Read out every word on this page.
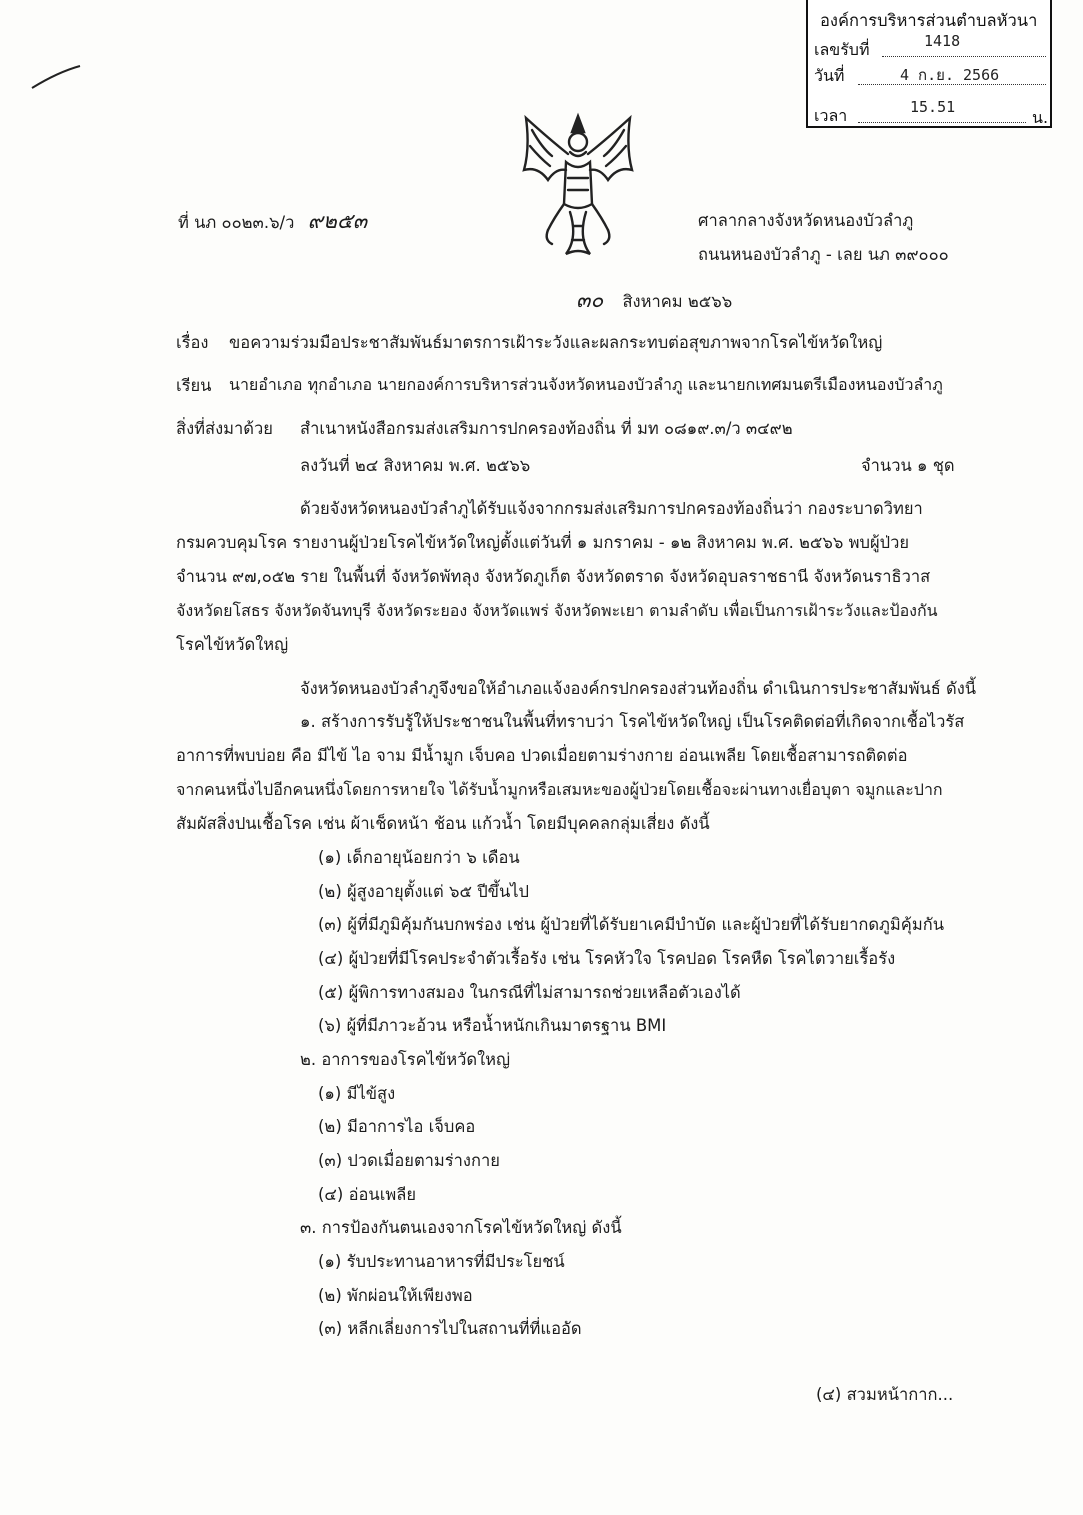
องค์การบริหารส่วนตำบลหัวนา
เลขรับที่	1418
วันที่	4 ก.ย. 2566
เวลา	15.51
น.
ที่ นภ ๐๐๒๓.๖/ว ๙๒๕๓	ศาลากลางจังหวัดหนองบัวลำภู
ถนนหนองบัวลำภู - เลย นภ ๓๙๐๐๐
๓๐ สิงหาคม ๒๕๖๖
เรื่อง ขอความร่วมมือประชาสัมพันธ์มาตรการเฝ้าระวังและผลกระทบต่อสุขภาพจากโรคไข้หวัดใหญ่
เรียน นายอำเภอ ทุกอำเภอ นายกองค์การบริหารส่วนจังหวัดหนองบัวลำภู และนายกเทศมนตรีเมืองหนองบัวลำภู
สิ่งที่ส่งมาด้วย สำเนาหนังสือกรมส่งเสริมการปกครองท้องถิ่น ที่ มท ๐๘๑๙.๓/ว ๓๔๙๒
ลงวันที่ ๒๔ สิงหาคม พ.ศ. ๒๕๖๖	จำนวน ๑ ชุด
ด้วยจังหวัดหนองบัวลำภูได้รับแจ้งจากกรมส่งเสริมการปกครองท้องถิ่นว่า กองระบาดวิทยา
กรมควบคุมโรค รายงานผู้ป่วยโรคไข้หวัดใหญ่ตั้งแต่วันที่ ๑ มกราคม - ๑๒ สิงหาคม พ.ศ. ๒๕๖๖ พบผู้ป่วย
จำนวน ๙๗,๐๕๒ ราย ในพื้นที่ จังหวัดพัทลุง จังหวัดภูเก็ต จังหวัดตราด จังหวัดอุบลราชธานี จังหวัดนราธิวาส
จังหวัดยโสธร จังหวัดจันทบุรี จังหวัดระยอง จังหวัดแพร่ จังหวัดพะเยา ตามลำดับ เพื่อเป็นการเฝ้าระวังและป้องกัน
โรคไข้หวัดใหญ่
จังหวัดหนองบัวลำภูจึงขอให้อำเภอแจ้งองค์กรปกครองส่วนท้องถิ่น ดำเนินการประชาสัมพันธ์ ดังนี้
๑. สร้างการรับรู้ให้ประชาชนในพื้นที่ทราบว่า โรคไข้หวัดใหญ่ เป็นโรคติดต่อที่เกิดจากเชื้อไวรัส
อาการที่พบบ่อย คือ มีไข้ ไอ จาม มีน้ำมูก เจ็บคอ ปวดเมื่อยตามร่างกาย อ่อนเพลีย โดยเชื้อสามารถติดต่อ
จากคนหนึ่งไปอีกคนหนึ่งโดยการหายใจ ได้รับน้ำมูกหรือเสมหะของผู้ป่วยโดยเชื้อจะผ่านทางเยื่อบุตา จมูกและปาก
สัมผัสสิ่งปนเชื้อโรค เช่น ผ้าเช็ดหน้า ช้อน แก้วน้ำ โดยมีบุคคลกลุ่มเสี่ยง ดังนี้
(๑) เด็กอายุน้อยกว่า ๖ เดือน
(๒) ผู้สูงอายุตั้งแต่ ๖๕ ปีขึ้นไป
(๓) ผู้ที่มีภูมิคุ้มกันบกพร่อง เช่น ผู้ป่วยที่ได้รับยาเคมีบำบัด และผู้ป่วยที่ได้รับยากดภูมิคุ้มกัน
(๔) ผู้ป่วยที่มีโรคประจำตัวเรื้อรัง เช่น โรคหัวใจ โรคปอด โรคหืด โรคไตวายเรื้อรัง
(๕) ผู้พิการทางสมอง ในกรณีที่ไม่สามารถช่วยเหลือตัวเองได้
(๖) ผู้ที่มีภาวะอ้วน หรือน้ำหนักเกินมาตรฐาน BMI
๒. อาการของโรคไข้หวัดใหญ่
(๑) มีไข้สูง
(๒) มีอาการไอ เจ็บคอ
(๓) ปวดเมื่อยตามร่างกาย
(๔) อ่อนเพลีย
๓. การป้องกันตนเองจากโรคไข้หวัดใหญ่ ดังนี้
(๑) รับประทานอาหารที่มีประโยชน์
(๒) พักผ่อนให้เพียงพอ
(๓) หลีกเลี่ยงการไปในสถานที่ที่แออัด
(๔) สวมหน้ากาก...
